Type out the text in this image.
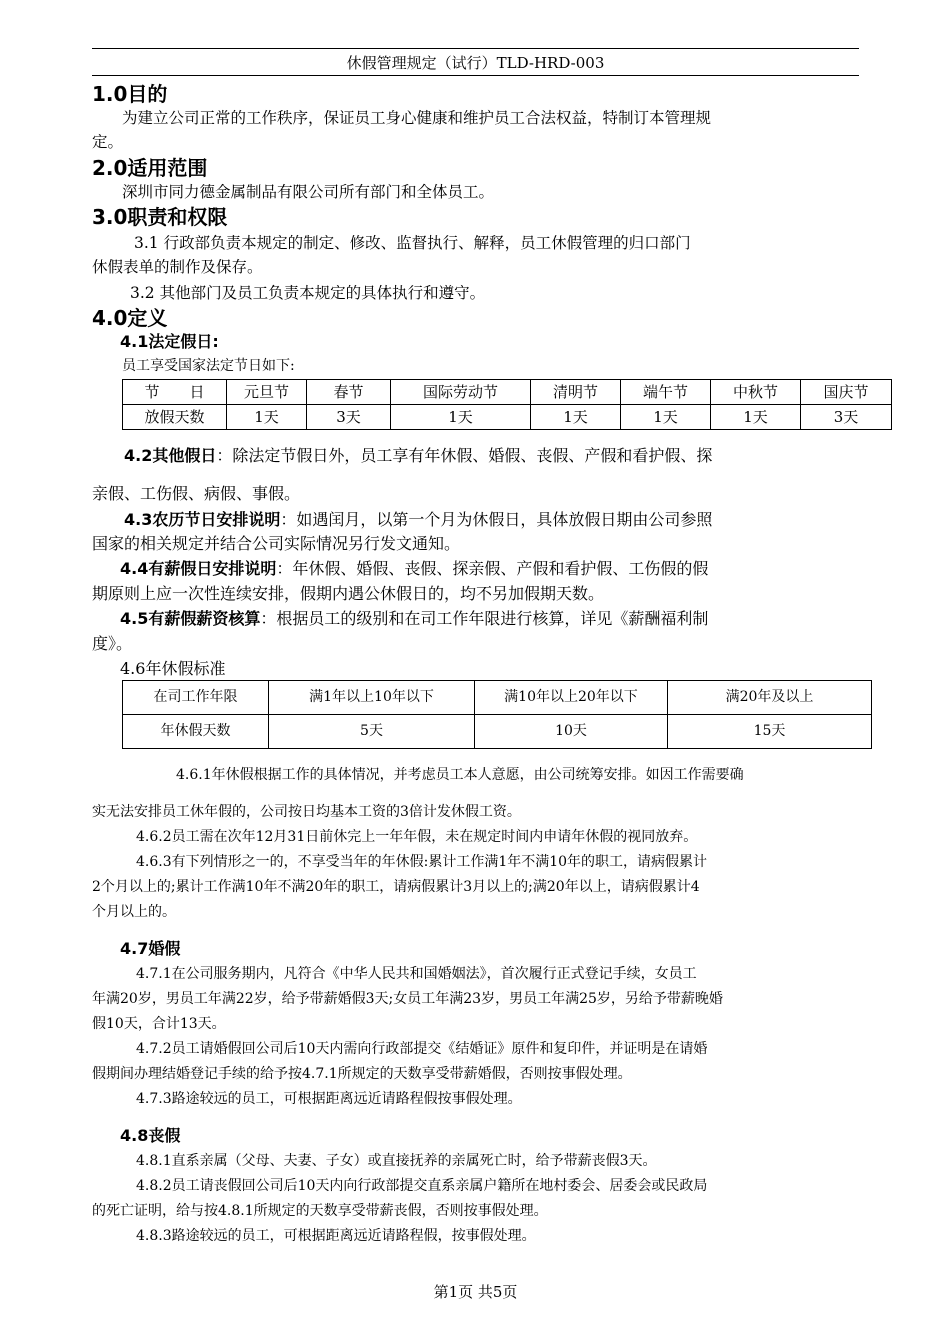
休假管理规定（试行）TLD-HRD-003
1.0目的
为建立公司正常的工作秩序，保证员工身心健康和维护员工合法权益，特制订本管理规
定。
2.0适用范围
深圳市同力德金属制品有限公司所有部门和全体员工。
3.0职责和权限
3.1 行政部负责本规定的制定、修改、监督执行、解释，员工休假管理的归口部门
休假表单的制作及保存。
3.2 其他部门及员工负责本规定的具体执行和遵守。
4.0定义
4.1法定假日:
员工享受国家法定节日如下:
节　　日	元旦节	春节	国际劳动节	清明节	端午节	中秋节	国庆节
放假天数	1天	3天	1天	1天	1天	1天	3天
4.2其他假日：除法定节假日外，员工享有年休假、婚假、丧假、产假和看护假、探
亲假、工伤假、病假、事假。
4.3农历节日安排说明：如遇闰月，以第一个月为休假日，具体放假日期由公司参照
国家的相关规定并结合公司实际情况另行发文通知。
4.4有薪假日安排说明：年休假、婚假、丧假、探亲假、产假和看护假、工伤假的假
期原则上应一次性连续安排，假期内遇公休假日的，均不另加假期天数。
4.5有薪假薪资核算：根据员工的级别和在司工作年限进行核算，详见《薪酬福利制
度》。
4.6年休假标准
在司工作年限	满1年以上10年以下	满10年以上20年以下	满20年及以上
年休假天数	5天	10天	15天
4.6.1年休假根据工作的具体情况，并考虑员工本人意愿，由公司统筹安排。如因工作需要确
实无法安排员工休年假的，公司按日均基本工资的3倍计发休假工资。
4.6.2员工需在次年12月31日前休完上一年年假，未在规定时间内申请年休假的视同放弃。
4.6.3有下列情形之一的，不享受当年的年休假:累计工作满1年不满10年的职工，请病假累计
2个月以上的;累计工作满10年不满20年的职工，请病假累计3月以上的;满20年以上，请病假累计4
个月以上的。
4.7婚假
4.7.1在公司服务期内，凡符合《中华人民共和国婚姻法》，首次履行正式登记手续，女员工
年满20岁，男员工年满22岁，给予带薪婚假3天;女员工年满23岁，男员工年满25岁，另给予带薪晚婚
假10天，合计13天。
4.7.2员工请婚假回公司后10天内需向行政部提交《结婚证》原件和复印件，并证明是在请婚
假期间办理结婚登记手续的给予按4.7.1所规定的天数享受带薪婚假，否则按事假处理。
4.7.3路途较远的员工，可根据距离远近请路程假按事假处理。
4.8丧假
4.8.1直系亲属（父母、夫妻、子女）或直接抚养的亲属死亡时，给予带薪丧假3天。
4.8.2员工请丧假回公司后10天内向行政部提交直系亲属户籍所在地村委会、居委会或民政局
的死亡证明，给与按4.8.1所规定的天数享受带薪丧假，否则按事假处理。
4.8.3路途较远的员工，可根据距离远近请路程假，按事假处理。
第1页 共5页
